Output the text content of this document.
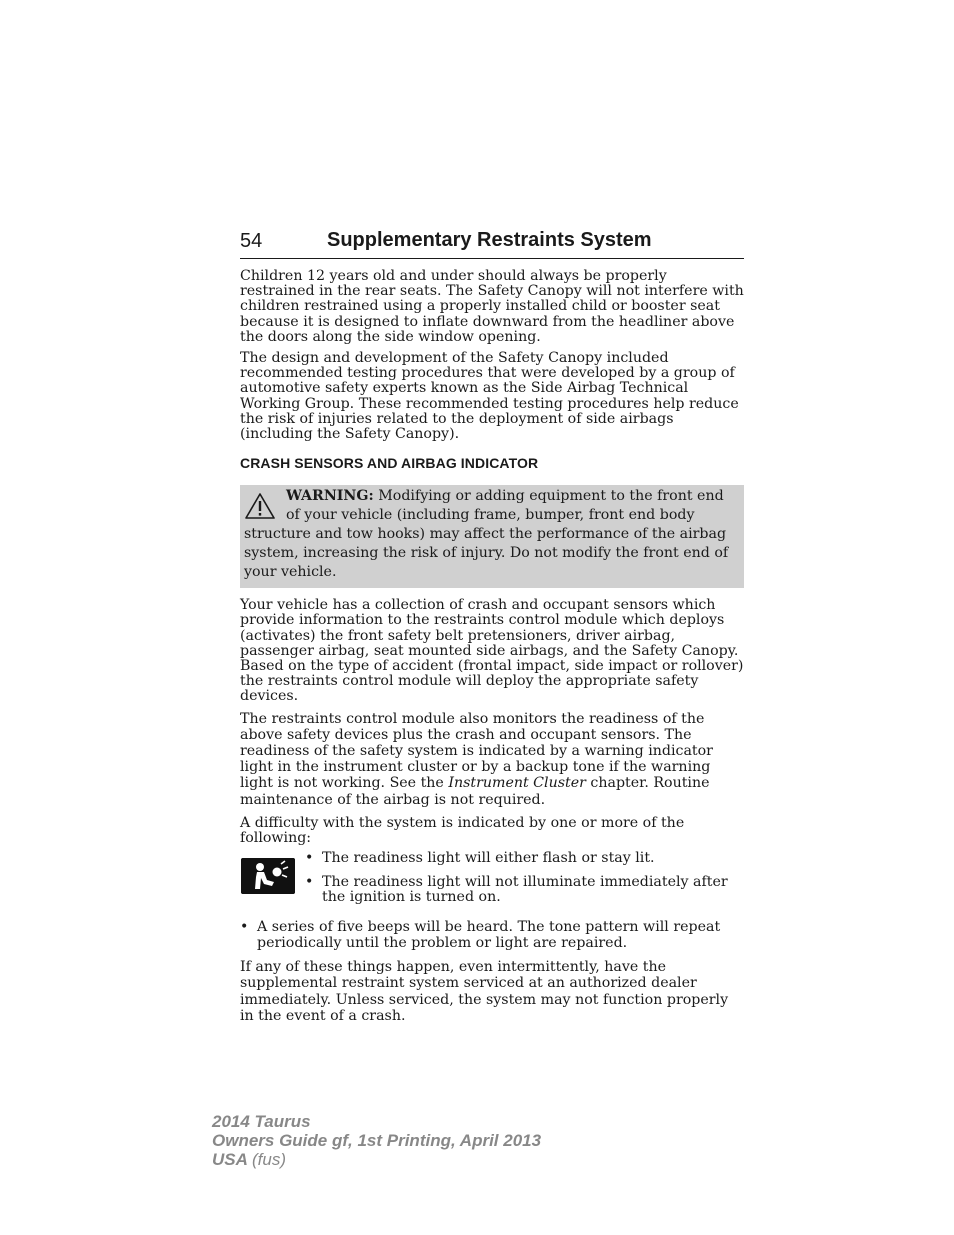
54	Supplementary Restraints System

Children 12 years old and under should always be properly restrained in the rear seats. The Safety Canopy will not interfere with children restrained using a properly installed child or booster seat because it is designed to inflate downward from the headliner above the doors along the side window opening.

The design and development of the Safety Canopy included recommended testing procedures that were developed by a group of automotive safety experts known as the Side Airbag Technical Working Group. These recommended testing procedures help reduce the risk of injuries related to the deployment of side airbags (including the Safety Canopy).

CRASH SENSORS AND AIRBAG INDICATOR
WARNING: Modifying or adding equipment to the front end of your vehicle (including frame, bumper, front end body structure and tow hooks) may affect the performance of the airbag system, increasing the risk of injury. Do not modify the front end of your vehicle.

Your vehicle has a collection of crash and occupant sensors which provide information to the restraints control module which deploys (activates) the front safety belt pretensioners, driver airbag, passenger airbag, seat mounted side airbags, and the Safety Canopy. Based on the type of accident (frontal impact, side impact or rollover) the restraints control module will deploy the appropriate safety devices.

The restraints control module also monitors the readiness of the above safety devices plus the crash and occupant sensors. The readiness of the safety system is indicated by a warning indicator light in the instrument cluster or by a backup tone if the warning light is not working. See the Instrument Cluster chapter. Routine maintenance of the airbag is not required.

A difficulty with the system is indicated by one or more of the following:

• The readiness light will either flash or stay lit.
• The readiness light will not illuminate immediately after the ignition is turned on.
• A series of five beeps will be heard. The tone pattern will repeat periodically until the problem or light are repaired.

If any of these things happen, even intermittently, have the supplemental restraint system serviced at an authorized dealer immediately. Unless serviced, the system may not function properly in the event of a crash.

2014 Taurus
Owners Guide gf, 1st Printing, April 2013
USA (fus)
